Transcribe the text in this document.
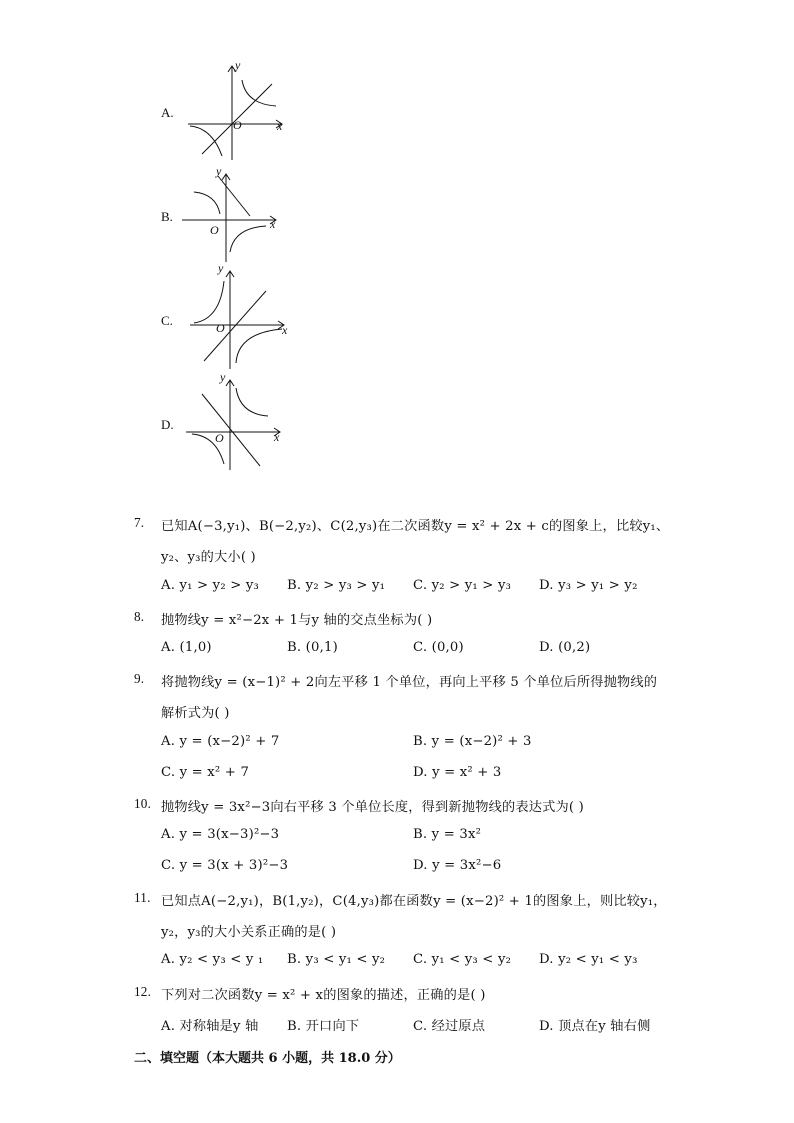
A.
y
x
O
B.
y
x
O
C.
y
x
O
D.
y
x
O
7. 已知A(−3,y₁)、B(−2,y₂)、C(2,y₃)在二次函数y = x² + 2x + c的图象上，比较y₁、
y₂、y₃的大小( )
A. y₁ > y₂ > y₃ B. y₂ > y₃ > y₁ C. y₂ > y₁ > y₃ D. y₃ > y₁ > y₂
8. 抛物线y = x²−2x + 1与y 轴的交点坐标为( )
A. (1,0)	B. (0,1)	C. (0,0)	D. (0,2)
9. 将抛物线y = (x−1)² + 2向左平移 1 个单位，再向上平移 5 个单位后所得抛物线的
解析式为( )
A. y = (x−2)² + 7	B. y = (x−2)² + 3
C. y = x² + 7	D. y = x² + 3
10. 抛物线y = 3x²−3向右平移 3 个单位长度，得到新抛物线的表达式为( )
A. y = 3(x−3)²−3	B. y = 3x²
C. y = 3(x + 3)²−3	D. y = 3x²−6
11. 已知点A(−2,y₁)，B(1,y₂)，C(4,y₃)都在函数y = (x−2)² + 1的图象上，则比较y₁，
y₂，y₃的大小关系正确的是( )
A. y₂ < y₃ < y ₁ B. y₃ < y₁ < y₂ C. y₁ < y₃ < y₂ D. y₂ < y₁ < y₃
12. 下列对二次函数y = x² + x的图象的描述，正确的是( )
A. 对称轴是y 轴 B. 开口向下	C. 经过原点	D. 顶点在y 轴右侧
二、填空题（本大题共 6 小题，共 18.0 分）
